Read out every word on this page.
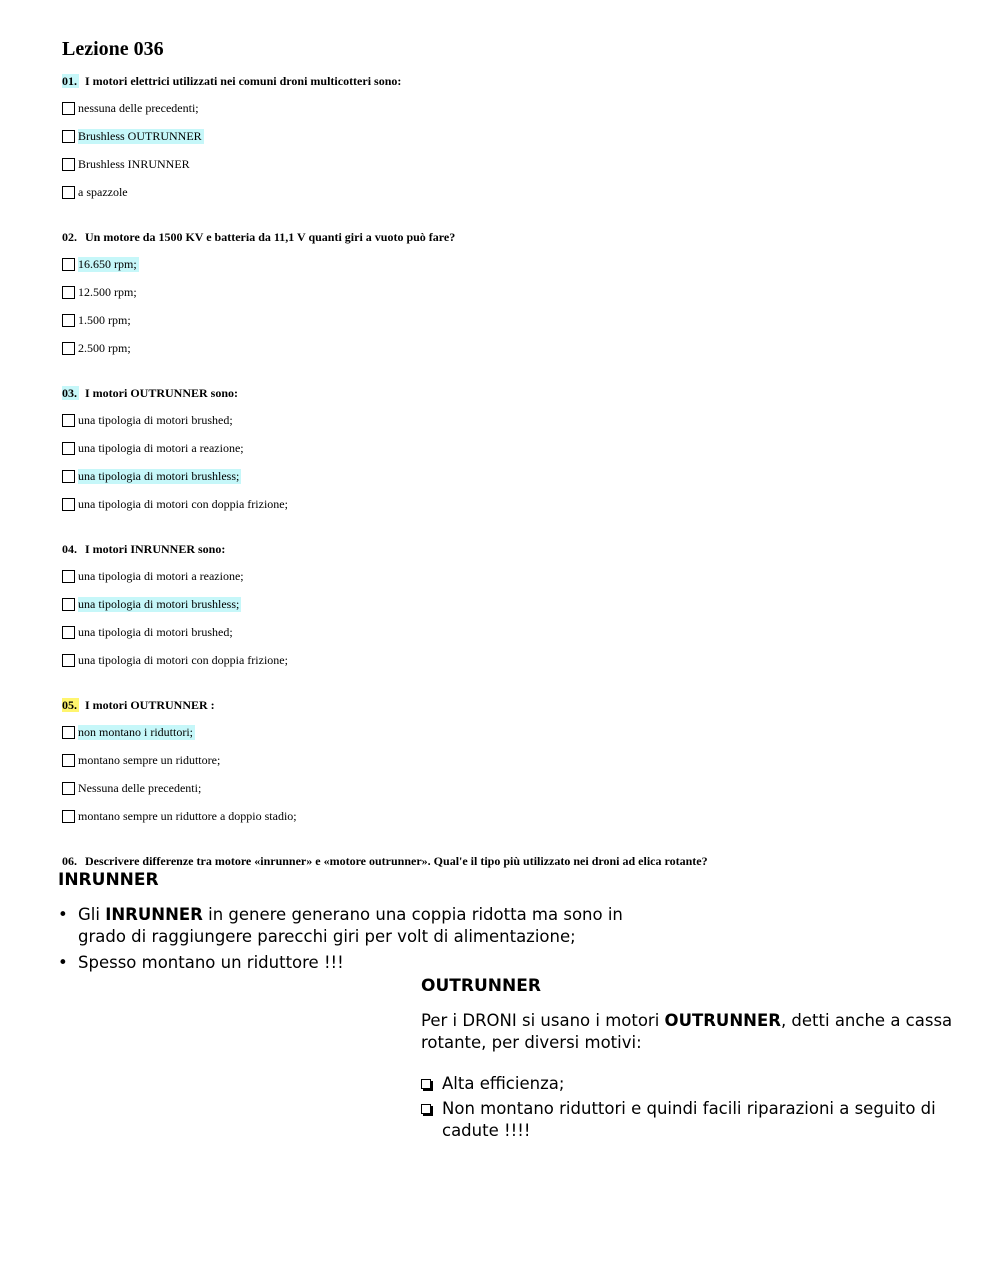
Lezione 036
01. I motori elettrici utilizzati nei comuni droni multicotteri sono:
nessuna delle precedenti;
Brushless OUTRUNNER
Brushless INRUNNER
a spazzole
02. Un motore da 1500 KV e batteria da 11,1 V quanti giri a vuoto può fare?
16.650 rpm;
12.500 rpm;
1.500 rpm;
2.500 rpm;
03. I motori OUTRUNNER sono:
una tipologia di motori brushed;
una tipologia di motori a reazione;
una tipologia di motori brushless;
una tipologia di motori con doppia frizione;
04. I motori INRUNNER sono:
una tipologia di motori a reazione;
una tipologia di motori brushless;
una tipologia di motori brushed;
una tipologia di motori con doppia frizione;
05. I motori OUTRUNNER :
non montano i riduttori;
montano sempre un riduttore;
Nessuna delle precedenti;
montano sempre un riduttore a doppio stadio;
06. Descrivere differenze tra motore «inrunner» e «motore outrunner». Qual'e il tipo più utilizzato nei droni ad elica rotante?
INRUNNER
• Gli INRUNNER in genere generano una coppia ridotta ma sono in grado di raggiungere parecchi giri per volt di alimentazione;
• Spesso montano un riduttore !!!
OUTRUNNER

Per i DRONI si usano i motori OUTRUNNER, detti anche a cassa rotante, per diversi motivi:

Alta efficienza;
Non montano riduttori e quindi facili riparazioni a seguito di cadute !!!!
